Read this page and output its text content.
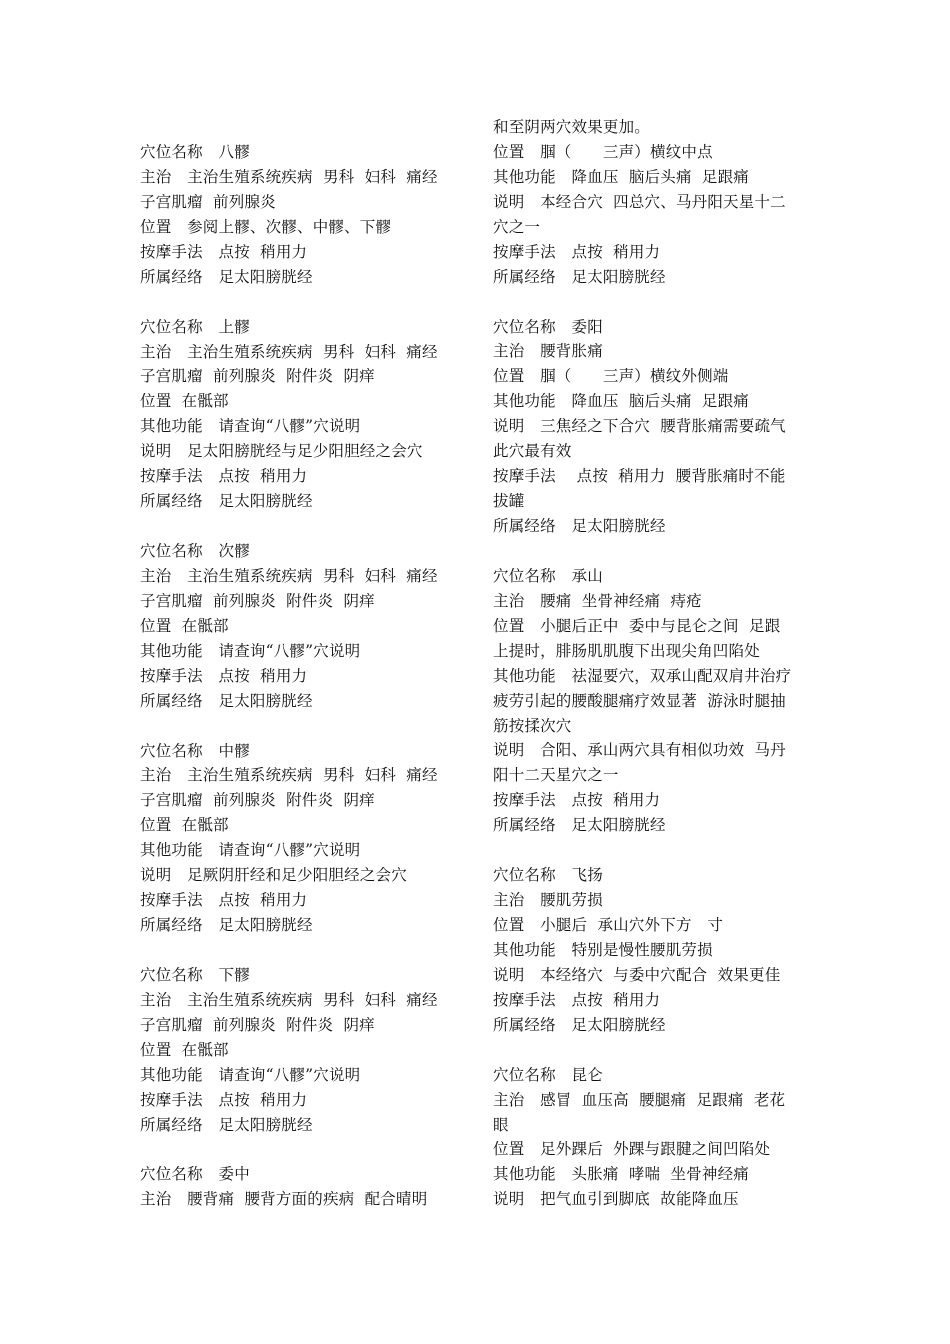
穴位名称　八髎
主治　主治生殖系统疾病  男科  妇科  痛经
子宫肌瘤  前列腺炎
位置　参阅上髎、次髎、中髎、下髎
按摩手法　点按  稍用力
所属经络　足太阳膀胱经
穴位名称　上髎
主治　主治生殖系统疾病  男科  妇科  痛经
子宫肌瘤  前列腺炎  附件炎  阴痒
位置  在骶部
其他功能　请查询“八髎”穴说明
说明　足太阳膀胱经与足少阳胆经之会穴
按摩手法　点按  稍用力
所属经络　足太阳膀胱经
穴位名称　次髎
主治　主治生殖系统疾病  男科  妇科  痛经
子宫肌瘤  前列腺炎  附件炎  阴痒
位置  在骶部
其他功能　请查询“八髎”穴说明
按摩手法　点按  稍用力
所属经络　足太阳膀胱经
穴位名称　中髎
主治　主治生殖系统疾病  男科  妇科  痛经
子宫肌瘤  前列腺炎  附件炎  阴痒
位置  在骶部
其他功能　请查询“八髎”穴说明
说明　足厥阴肝经和足少阳胆经之会穴
按摩手法　点按  稍用力
所属经络　足太阳膀胱经
穴位名称　下髎
主治　主治生殖系统疾病  男科  妇科  痛经
子宫肌瘤  前列腺炎  附件炎  阴痒
位置  在骶部
其他功能　请查询“八髎”穴说明
按摩手法　点按  稍用力
所属经络　足太阳膀胱经
穴位名称　委中
主治　腰背痛  腰背方面的疾病  配合晴明
和至阴两穴效果更加。
位置　腘（　　三声）横纹中点
其他功能　降血压  脑后头痛  足跟痛
说明　本经合穴  四总穴、马丹阳天星十二
穴之一
按摩手法　点按  稍用力
所属经络　足太阳膀胱经
穴位名称　委阳
主治　腰背胀痛
位置　腘（　　三声）横纹外侧端
其他功能　降血压  脑后头痛  足跟痛
说明　三焦经之下合穴  腰背胀痛需要疏气
此穴最有效
按摩手法　 点按  稍用力  腰背胀痛时不能
拔罐
所属经络　足太阳膀胱经
穴位名称　承山
主治　腰痛  坐骨神经痛  痔疮
位置　小腿后正中  委中与昆仑之间  足跟
上提时，腓肠肌肌腹下出现尖角凹陷处
其他功能　祛湿要穴，双承山配双肩井治疗
疲劳引起的腰酸腿痛疗效显著  游泳时腿抽
筋按揉次穴
说明　合阳、承山两穴具有相似功效  马丹
阳十二天星穴之一
按摩手法　点按  稍用力
所属经络　足太阳膀胱经
穴位名称　飞扬
主治　腰肌劳损
位置　小腿后  承山穴外下方　寸
其他功能　特别是慢性腰肌劳损
说明　本经络穴  与委中穴配合  效果更佳
按摩手法　点按  稍用力
所属经络　足太阳膀胱经
穴位名称　昆仑
主治　感冒  血压高  腰腿痛  足跟痛  老花
眼
位置　足外踝后  外踝与跟腱之间凹陷处
其他功能　头胀痛  哮喘  坐骨神经痛
说明　把气血引到脚底  故能降血压
